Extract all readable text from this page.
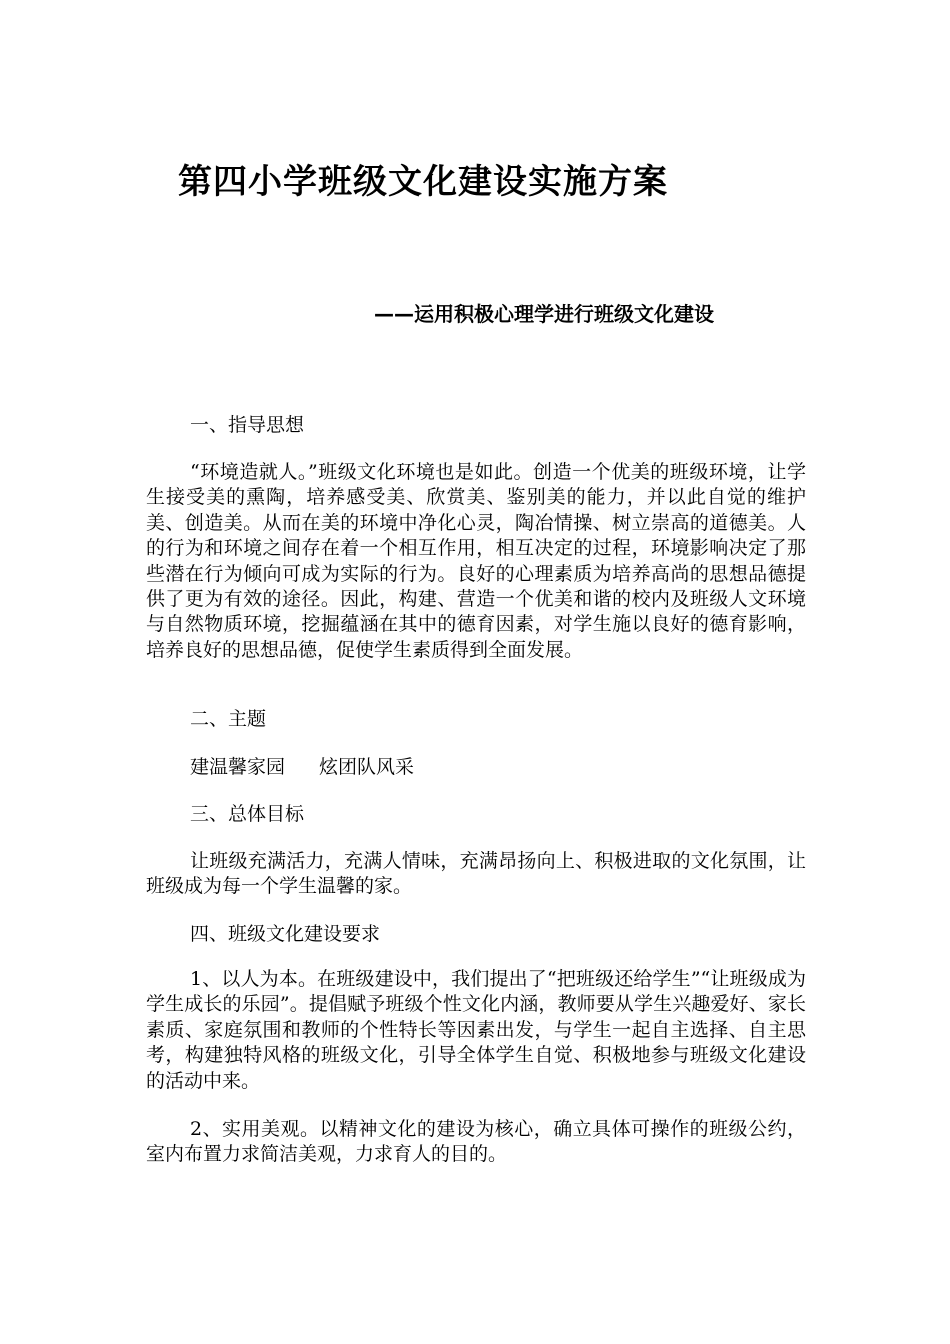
第四小学班级文化建设实施方案
——运用积极心理学进行班级文化建设
一、指导思想
“环境造就人。”班级文化环境也是如此。创造一个优美的班级环境，让学生接受美的熏陶，培养感受美、欣赏美、鉴别美的能力，并以此自觉的维护美、创造美。从而在美的环境中净化心灵，陶冶情操、树立崇高的道德美。人的行为和环境之间存在着一个相互作用，相互决定的过程，环境影响决定了那些潜在行为倾向可成为实际的行为。良好的心理素质为培养高尚的思想品德提供了更为有效的途径。因此，构建、营造一个优美和谐的校内及班级人文环境与自然物质环境，挖掘蕴涵在其中的德育因素，对学生施以良好的德育影响，培养良好的思想品德，促使学生素质得到全面发展。
二、主题
建温馨家园 炫团队风采
三、总体目标
让班级充满活力，充满人情味，充满昂扬向上、积极进取的文化氛围，让班级成为每一个学生温馨的家。
四、班级文化建设要求
1、以人为本。在班级建设中，我们提出了“把班级还给学生”“让班级成为学生成长的乐园”。提倡赋予班级个性文化内涵，教师要从学生兴趣爱好、家长素质、家庭氛围和教师的个性特长等因素出发，与学生一起自主选择、自主思考，构建独特风格的班级文化，引导全体学生自觉、积极地参与班级文化建设的活动中来。
2、实用美观。以精神文化的建设为核心，确立具体可操作的班级公约，室内布置力求简洁美观，力求育人的目的。
